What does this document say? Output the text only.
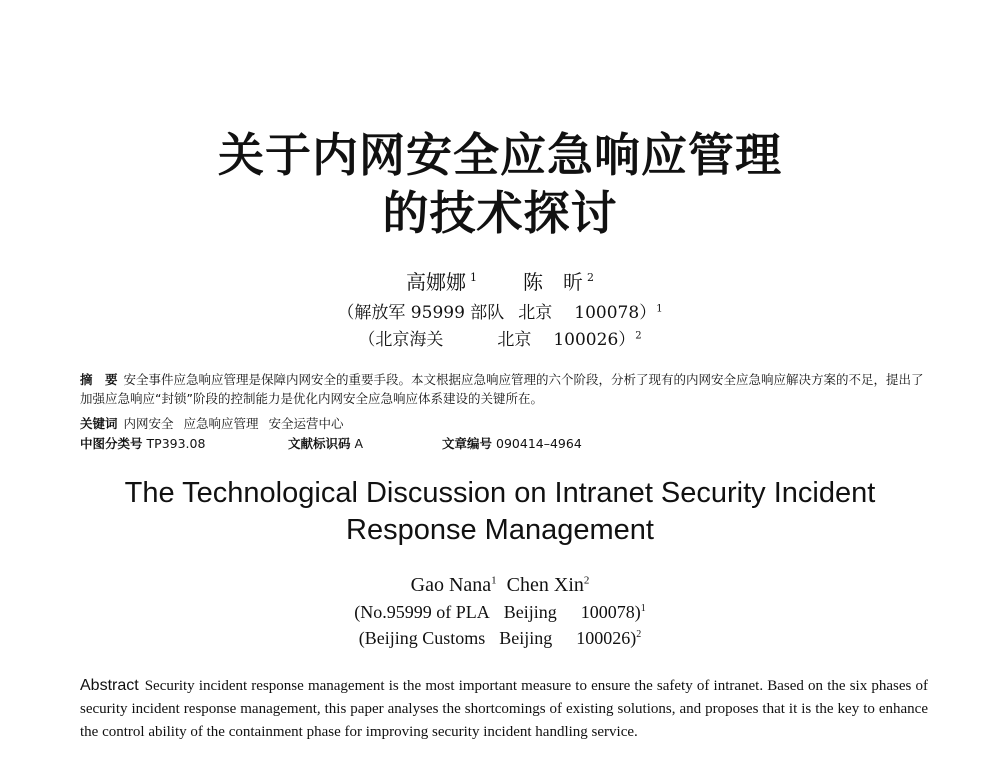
关于内网安全应急响应管理
的技术探讨
高娜娜 $^1$ 陈　昕 $^2$
（解放军 95999 部队 北京 100078）$^1$
（北京海关	北京 100026）$^2$
摘　要 安全事件应急响应管理是保障内网安全的重要手段。本文根据应急响应管理的六个阶段，分析了现有的内网安全应急响应解决方案的不足，提出了加强应急响应“封锁”阶段的控制能力是优化内网安全应急响应体系建设的关键所在。
关键词 内网安全 应急响应管理 安全运营中心
中图分类号 TP393.08	文献标识码 A	文章编号 090414–4964
The Technological Discussion on Intranet Security Incident
Response Management
Gao Nana$^1$ Chen Xin$^2$
(No.95999 of PLA Beijing 100078)$^1$
(Beijing Customs Beijing 100026)$^2$
Abstract Security incident response management is the most important measure to ensure the safety of intranet. Based on the six phases of security incident response management, this paper analyses the shortcomings of existing solutions, and proposes that it is the key to enhance the control ability of the containment phase for improving security incident handling service.
